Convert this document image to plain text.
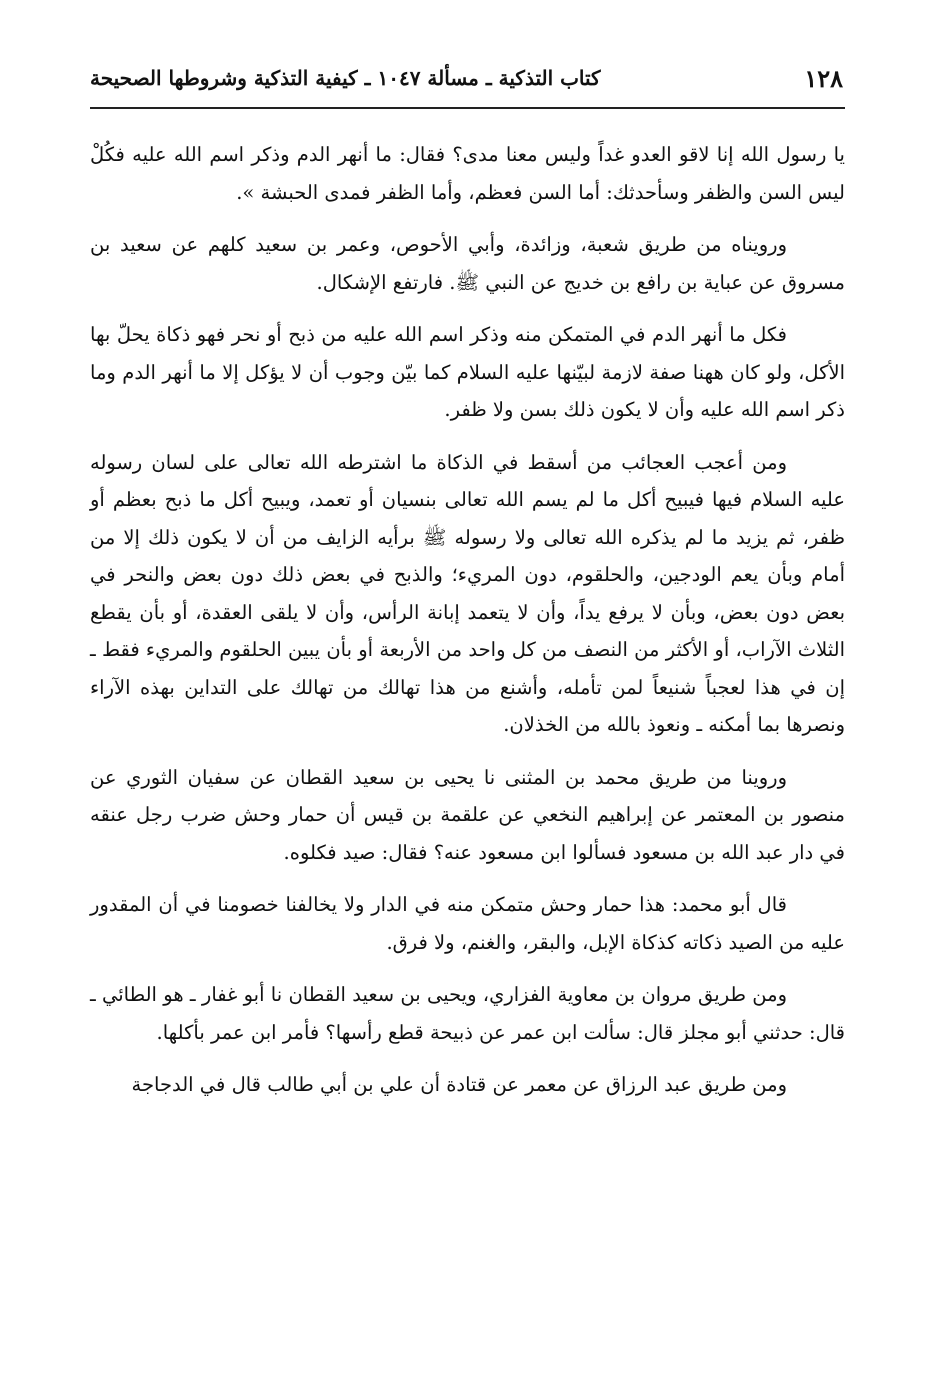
١٢٨
كتاب التذكية ـ مسألة ١٠٤٧ ـ كيفية التذكية وشروطها الصحيحة

يا رسول الله إنا لاقو العدو غداً وليس معنا مدى؟ فقال: ما أنهر الدم وذكر اسم الله عليه فكُلْ ليس السن والظفر وسأحدثك: أما السن فعظم، وأما الظفر فمدى الحبشة ».

ورويناه من طريق شعبة، وزائدة، وأبي الأحوص، وعمر بن سعيد كلهم عن سعيد بن مسروق عن عباية بن رافع بن خديج عن النبي ﷺ. فارتفع الإشكال.

فكل ما أنهر الدم في المتمكن منه وذكر اسم الله عليه من ذبح أو نحر فهو ذكاة يحلّ بها الأكل، ولو كان ههنا صفة لازمة لبيّنها عليه السلام كما بيّن وجوب أن لا يؤكل إلا ما أنهر الدم وما ذكر اسم الله عليه وأن لا يكون ذلك بسن ولا ظفر.

ومن أعجب العجائب من أسقط في الذكاة ما اشترطه الله تعالى على لسان رسوله عليه السلام فيها فيبيح أكل ما لم يسم الله تعالى بنسيان أو تعمد، ويبيح أكل ما ذبح بعظم أو ظفر، ثم يزيد ما لم يذكره الله تعالى ولا رسوله ﷺ برأيه الزايف من أن لا يكون ذلك إلا من أمام وبأن يعم الودجين، والحلقوم، دون المريء؛ والذبح في بعض ذلك دون بعض والنحر في بعض دون بعض، وبأن لا يرفع يداً، وأن لا يتعمد إبانة الرأس، وأن لا يلقى العقدة، أو بأن يقطع الثلاث الآراب، أو الأكثر من النصف من كل واحد من الأربعة أو بأن يبين الحلقوم والمريء فقط ـ إن في هذا لعجباً شنيعاً لمن تأمله، وأشنع من هذا تهالك من تهالك على التداين بهذه الآراء ونصرها بما أمكنه ـ ونعوذ بالله من الخذلان.

وروينا من طريق محمد بن المثنى نا يحيى بن سعيد القطان عن سفيان الثوري عن منصور بن المعتمر عن إبراهيم النخعي عن علقمة بن قيس أن حمار وحش ضرب رجل عنقه في دار عبد الله بن مسعود فسألوا ابن مسعود عنه؟ فقال: صيد فكلوه.

قال أبو محمد: هذا حمار وحش متمكن منه في الدار ولا يخالفنا خصومنا في أن المقدور عليه من الصيد ذكاته كذكاة الإبل، والبقر، والغنم، ولا فرق.

ومن طريق مروان بن معاوية الفزاري، ويحيى بن سعيد القطان نا أبو غفار ـ هو الطائي ـ قال: حدثني أبو مجلز قال: سألت ابن عمر عن ذبيحة قطع رأسها؟ فأمر ابن عمر بأكلها.

ومن طريق عبد الرزاق عن معمر عن قتادة أن علي بن أبي طالب قال في الدجاجة
